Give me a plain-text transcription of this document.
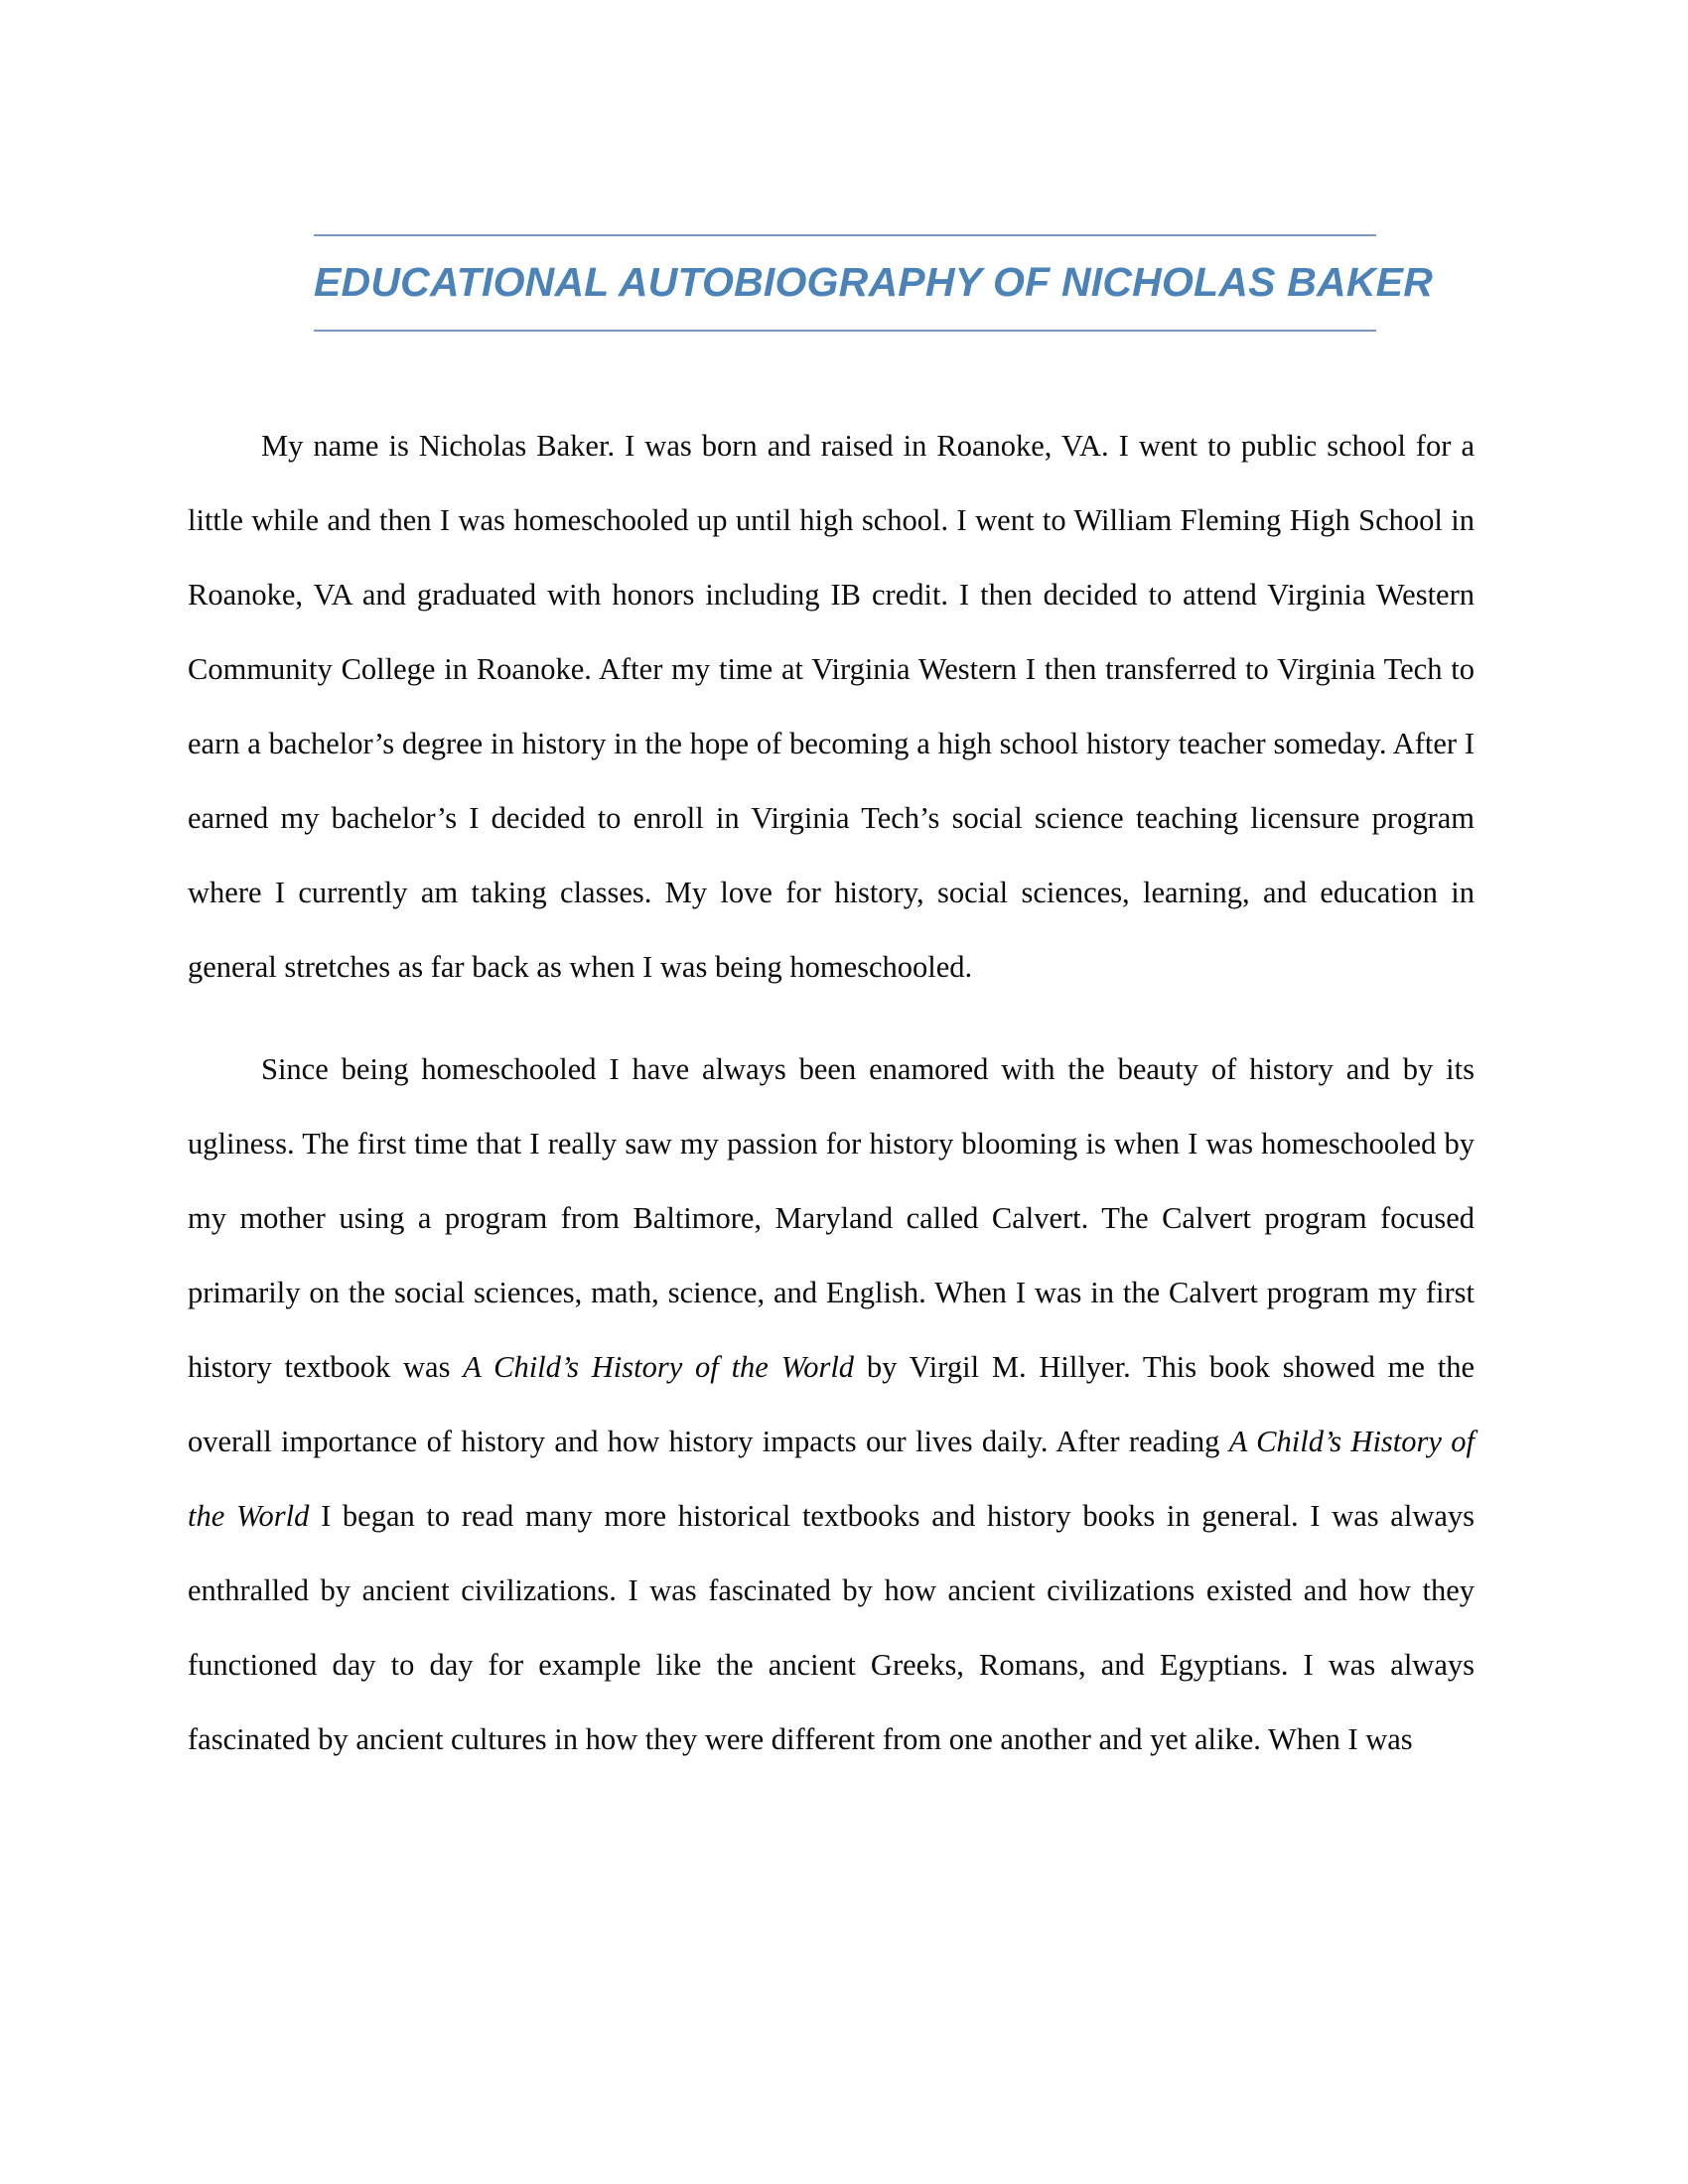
EDUCATIONAL AUTOBIOGRAPHY OF NICHOLAS BAKER

My name is Nicholas Baker. I was born and raised in Roanoke, VA. I went to public school for a little while and then I was homeschooled up until high school. I went to William Fleming High School in Roanoke, VA and graduated with honors including IB credit. I then decided to attend Virginia Western Community College in Roanoke. After my time at Virginia Western I then transferred to Virginia Tech to earn a bachelor’s degree in history in the hope of becoming a high school history teacher someday. After I earned my bachelor’s I decided to enroll in Virginia Tech’s social science teaching licensure program where I currently am taking classes. My love for history, social sciences, learning, and education in general stretches as far back as when I was being homeschooled.

Since being homeschooled I have always been enamored with the beauty of history and by its ugliness. The first time that I really saw my passion for history blooming is when I was homeschooled by my mother using a program from Baltimore, Maryland called Calvert. The Calvert program focused primarily on the social sciences, math, science, and English. When I was in the Calvert program my first history textbook was A Child’s History of the World by Virgil M. Hillyer. This book showed me the overall importance of history and how history impacts our lives daily. After reading A Child’s History of the World I began to read many more historical textbooks and history books in general. I was always enthralled by ancient civilizations. I was fascinated by how ancient civilizations existed and how they functioned day to day for example like the ancient Greeks, Romans, and Egyptians. I was always fascinated by ancient cultures in how they were different from one another and yet alike. When I was
